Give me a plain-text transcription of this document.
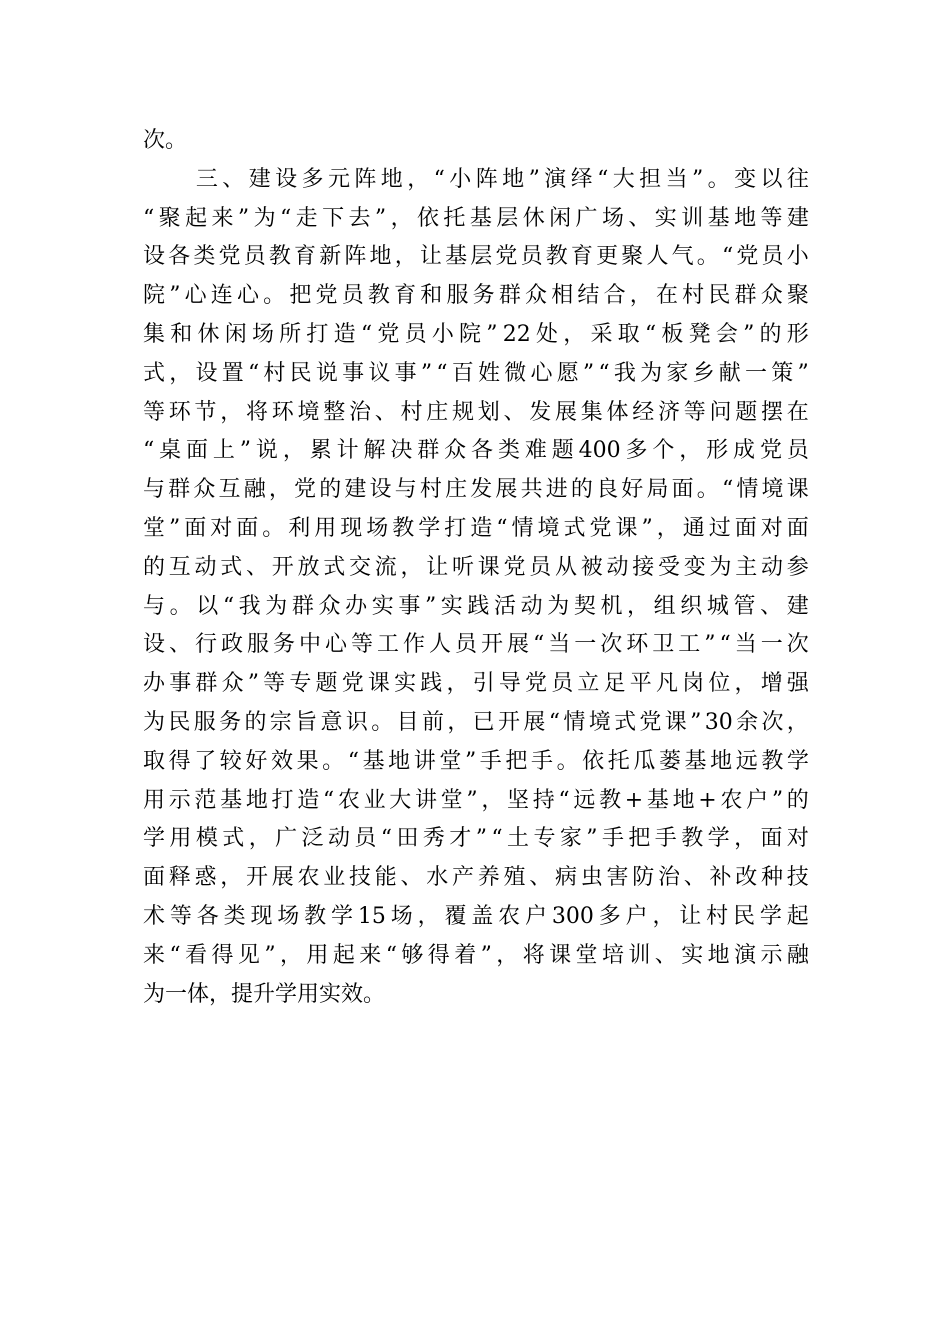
次。

三 、 建 设 多 元 阵 地 ， “ 小 阵 地 ” 演 绎 “ 大 担 当 ” 。 变 以 往
“ 聚 起 来 ” 为 “ 走 下 去 ” ， 依 托 基 层 休 闲 广 场 、 实 训 基 地 等 建
设 各 类 党 员 教 育 新 阵 地 ， 让 基 层 党 员 教 育 更 聚 人 气 。 “ 党 员 小
院 ” 心 连 心 。 把 党 员 教 育 和 服 务 群 众 相 结 合 ， 在 村 民 群 众 聚
集 和 休 闲 场 所 打 造 “ 党 员 小 院 ” 22 处 ， 采 取 “ 板 凳 会 ” 的 形
式 ， 设 置 “ 村 民 说 事 议 事 ” “ 百 姓 微 心 愿 ” “ 我 为 家 乡 献 一 策 ”
等 环 节 ， 将 环 境 整 治 、 村 庄 规 划 、 发 展 集 体 经 济 等 问 题 摆 在
“ 桌 面 上 ” 说 ， 累 计 解 决 群 众 各 类 难 题 400 多 个 ， 形 成 党 员
与 群 众 互 融 ， 党 的 建 设 与 村 庄 发 展 共 进 的 良 好 局 面 。 “ 情 境 课
堂 ” 面 对 面 。 利 用 现 场 教 学 打 造 “ 情 境 式 党 课 ” ， 通 过 面 对 面
的 互 动 式 、 开 放 式 交 流 ， 让 听 课 党 员 从 被 动 接 受 变 为 主 动 参
与 。 以 “ 我 为 群 众 办 实 事 ” 实 践 活 动 为 契 机 ， 组 织 城 管 、 建
设 、 行 政 服 务 中 心 等 工 作 人 员 开 展 “ 当 一 次 环 卫 工 ” “ 当 一 次
办 事 群 众 ” 等 专 题 党 课 实 践 ， 引 导 党 员 立 足 平 凡 岗 位 ， 增 强
为 民 服 务 的 宗 旨 意 识 。 目 前 ， 已 开 展 “ 情 境 式 党 课 ” 30 余 次 ，
取 得 了 较 好 效 果 。 “ 基 地 讲 堂 ” 手 把 手 。 依 托 瓜 蒌 基 地 远 教 学
用 示 范 基 地 打 造 “ 农 业 大 讲 堂 ” ， 坚 持 “ 远 教 + 基 地 + 农 户 ” 的
学 用 模 式 ， 广 泛 动 员 “ 田 秀 才 ” “ 土 专 家 ” 手 把 手 教 学 ， 面 对
面 释 惑 ， 开 展 农 业 技 能 、 水 产 养 殖 、 病 虫 害 防 治 、 补 改 种 技
术 等 各 类 现 场 教 学 15 场 ， 覆 盖 农 户 300 多 户 ， 让 村 民 学 起
来 “ 看 得 见 ” ， 用 起 来 “ 够 得 着 ” ， 将 课 堂 培 训 、 实 地 演 示 融
为一体，提升学用实效。
